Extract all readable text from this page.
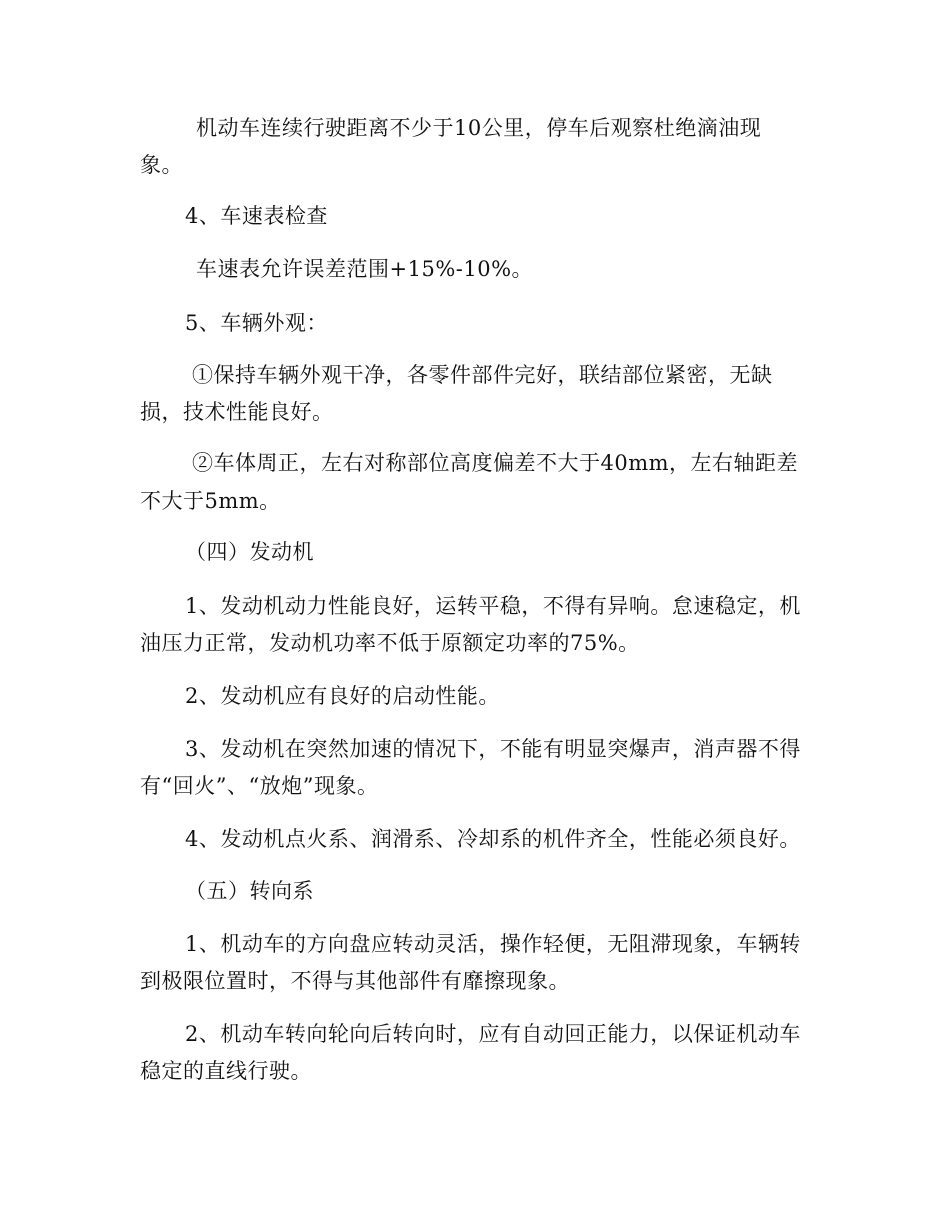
机动车连续行驶距离不少于10公里，停车后观察杜绝滴油现
象。
4、车速表检查
车速表允许误差范围+15%-10%。
5、车辆外观：
①保持车辆外观干净，各零件部件完好，联结部位紧密，无缺
损，技术性能良好。
②车体周正，左右对称部位高度偏差不大于40mm，左右轴距差
不大于5mm。
（四）发动机
1、发动机动力性能良好，运转平稳，不得有异响。怠速稳定，机
油压力正常，发动机功率不低于原额定功率的75%。
2、发动机应有良好的启动性能。
3、发动机在突然加速的情况下，不能有明显突爆声，消声器不得
有“回火”、“放炮”现象。
4、发动机点火系、润滑系、冷却系的机件齐全，性能必须良好。
（五）转向系
1、机动车的方向盘应转动灵活，操作轻便，无阻滞现象，车辆转
到极限位置时，不得与其他部件有靡擦现象。
2、机动车转向轮向后转向时，应有自动回正能力，以保证机动车
稳定的直线行驶。
